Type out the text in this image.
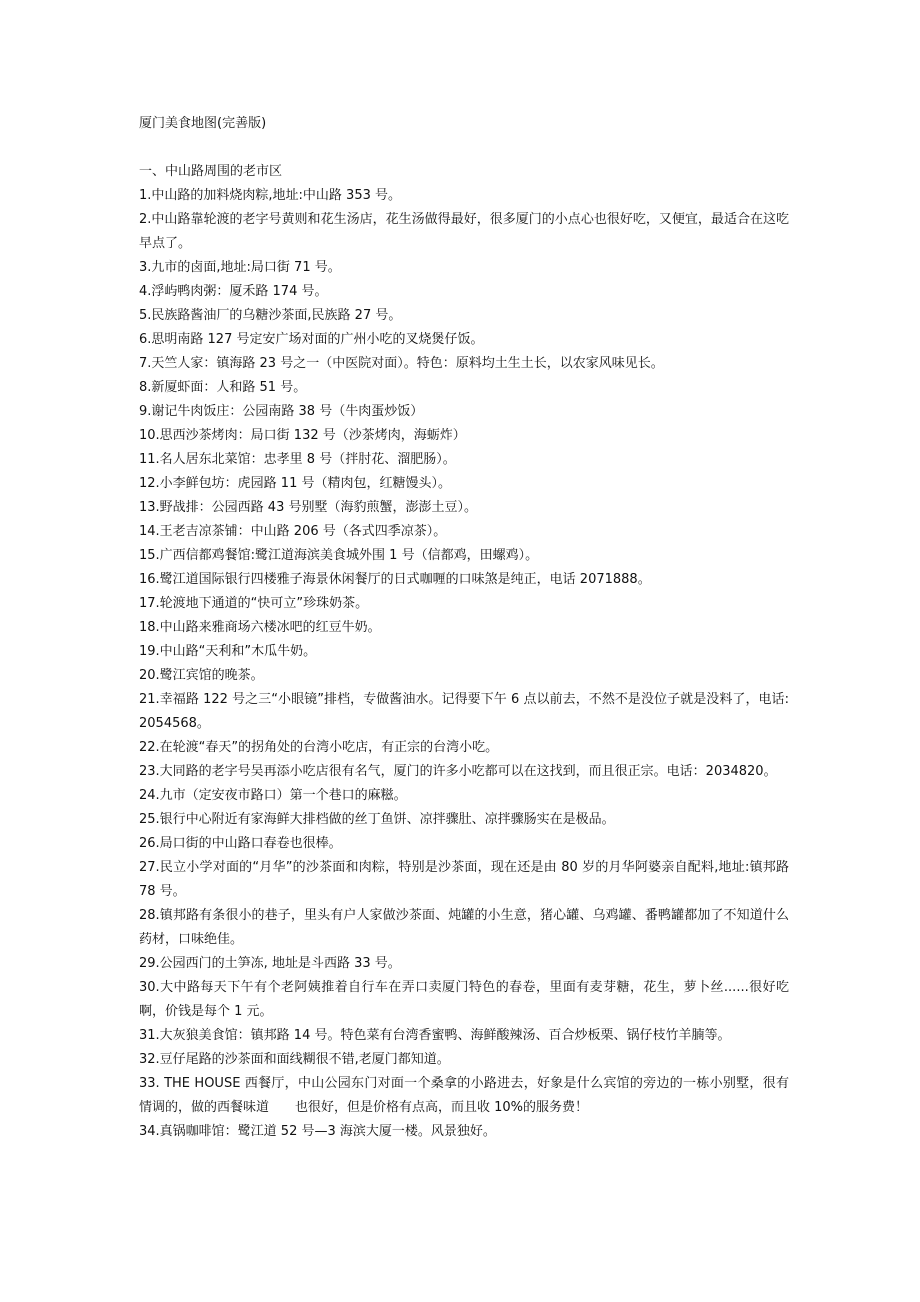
厦门美食地图(完善版)
一、中山路周围的老市区
1.中山路的加料烧肉粽,地址:中山路 353 号。
2.中山路靠轮渡的老字号黄则和花生汤店，花生汤做得最好，很多厦门的小点心也很好吃，又便宜，最适合在这吃早点了。
3.九市的卤面,地址:局口街 71 号。
4.浮屿鸭肉粥：厦禾路 174 号。
5.民族路酱油厂的乌糖沙茶面,民族路 27 号。
6.思明南路 127 号定安广场对面的广州小吃的叉烧煲仔饭。
7.天竺人家：镇海路 23 号之一（中医院对面）。特色：原料均土生土长，以农家风味见长。
8.新厦虾面：人和路 51 号。
9.谢记牛肉饭庄：公园南路 38 号（牛肉蛋炒饭）
10.思西沙茶烤肉：局口街 132 号（沙茶烤肉，海蛎炸）
11.名人居东北菜馆：忠孝里 8 号（拌肘花、溜肥肠）。
12.小李鲜包坊：虎园路 11 号（精肉包，红糖馒头）。
13.野战排：公园西路 43 号别墅（海豹煎蟹，澎澎土豆）。
14.王老吉凉茶铺：中山路 206 号（各式四季凉茶）。
15.广西信都鸡餐馆:鹭江道海滨美食城外围 1 号（信都鸡，田螺鸡）。
16.鹭江道国际银行四楼雅子海景休闲餐厅的日式咖喱的口味煞是纯正，电话 2071888。
17.轮渡地下通道的“快可立”珍珠奶茶。
18.中山路来雅商场六楼冰吧的红豆牛奶。
19.中山路“天利和”木瓜牛奶。
20.鹭江宾馆的晚茶。
21.幸福路 122 号之三“小眼镜”排档，专做酱油水。记得要下午 6 点以前去，不然不是没位子就是没料了，电话:2054568。
22.在轮渡“春天”的拐角处的台湾小吃店，有正宗的台湾小吃。
23.大同路的老字号吴再添小吃店很有名气，厦门的许多小吃都可以在这找到，而且很正宗。电话：2034820。
24.九市（定安夜市路口）第一个巷口的麻糍。
25.银行中心附近有家海鲜大排档做的丝丁鱼饼、凉拌骤肚、凉拌骤肠实在是极品。
26.局口街的中山路口春卷也很棒。
27.民立小学对面的“月华”的沙茶面和肉粽，特别是沙茶面，现在还是由 80 岁的月华阿婆亲自配料,地址:镇邦路 78 号。
28.镇邦路有条很小的巷子，里头有户人家做沙茶面、炖罐的小生意，猪心罐、乌鸡罐、番鸭罐都加了不知道什么药材，口味绝佳。
29.公园西门的土笋冻, 地址是斗西路 33 号。
30.大中路每天下午有个老阿姨推着自行车在弄口卖厦门特色的春卷，里面有麦芽糖，花生，萝卜丝......很好吃啊，价钱是每个 1 元。
31.大灰狼美食馆：镇邦路 14 号。特色菜有台湾香蜜鸭、海鲜酸辣汤、百合炒板栗、锅仔枝竹羊腩等。
32.豆仔尾路的沙茶面和面线糊很不错,老厦门都知道。
33. THE HOUSE 西餐厅，中山公园东门对面一个桑拿的小路进去，好象是什么宾馆的旁边的一栋小别墅，很有情调的，做的西餐味道　　也很好，但是价格有点高，而且收 10%的服务费！
34.真锅咖啡馆：鹭江道 52 号—3 海滨大厦一楼。风景独好。
